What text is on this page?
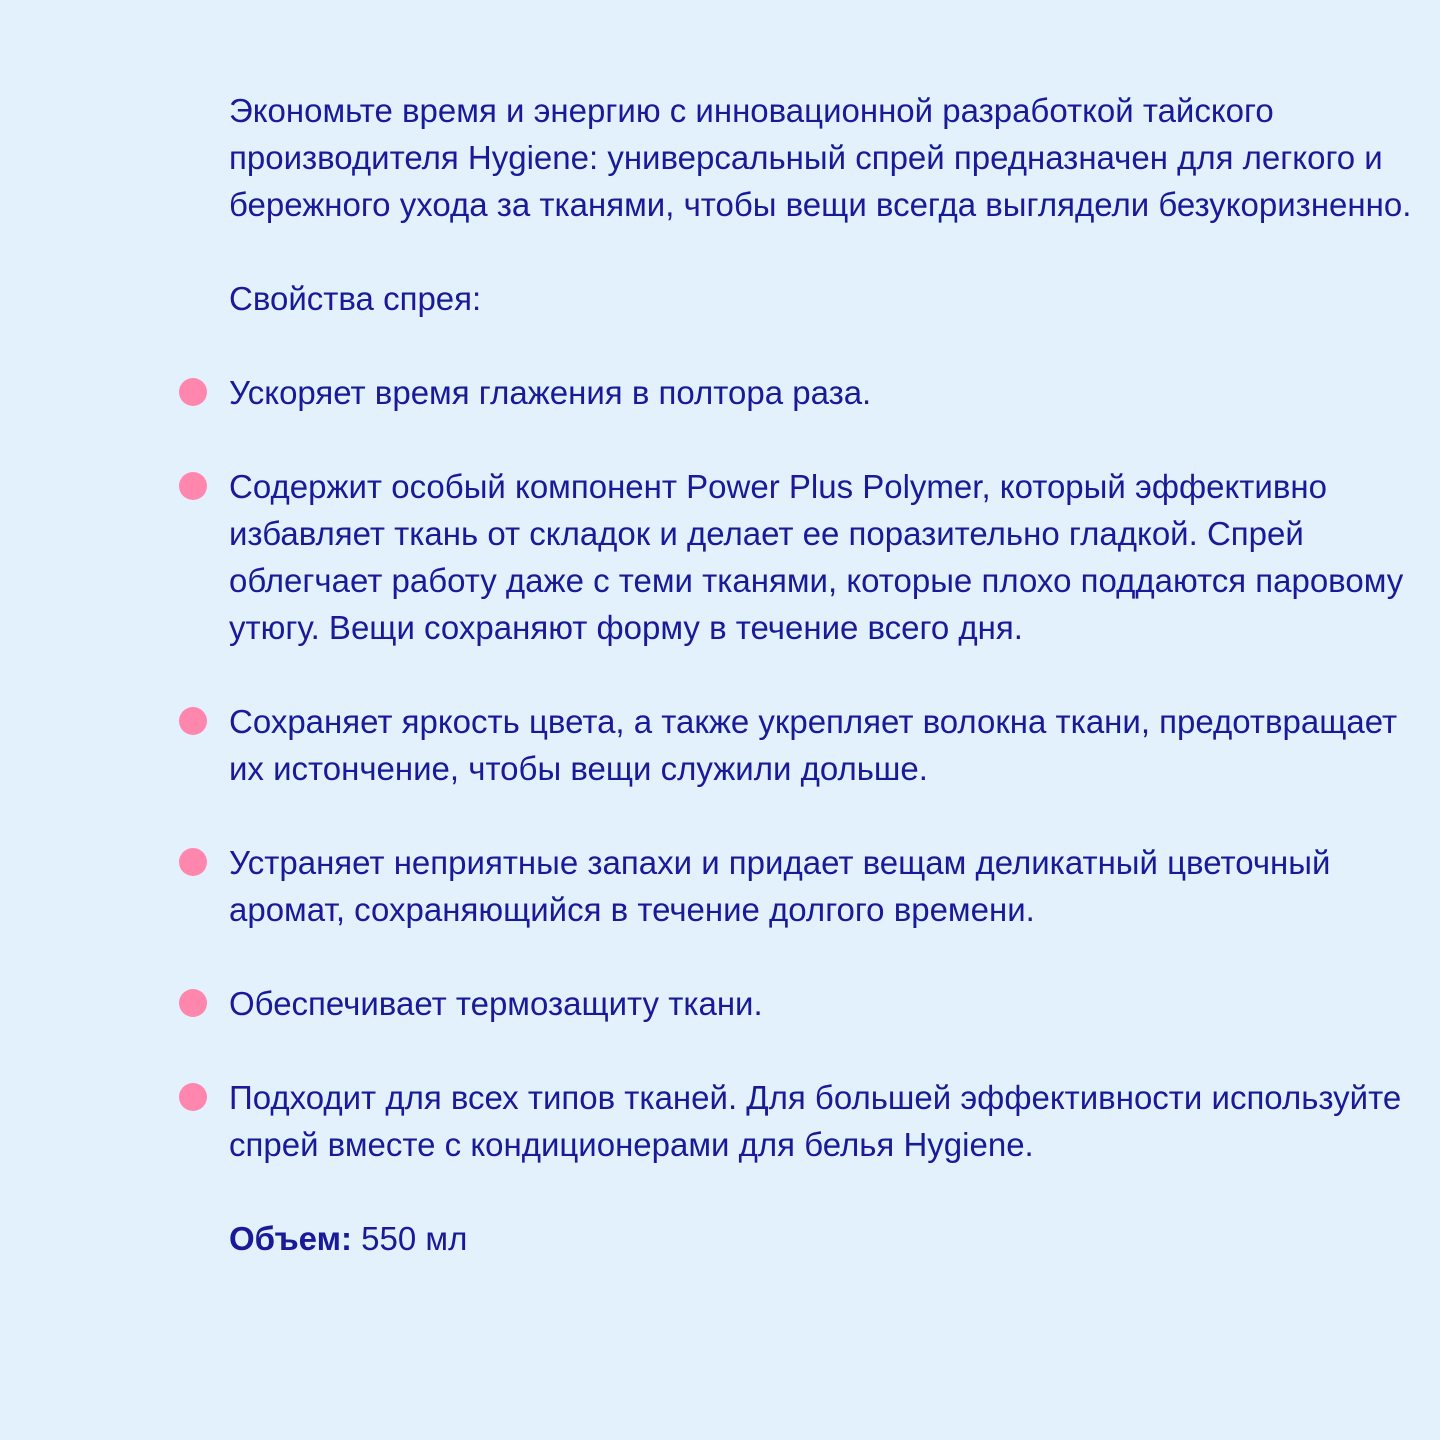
Экономьте время и энергию с инновационной разработкой тайского производителя Hygiene: универсальный спрей предназначен для легкого и бережного ухода за тканями, чтобы вещи всегда выглядели безукоризненно.

Свойства спрея:

Ускоряет время глажения в полтора раза.
Содержит особый компонент Power Plus Polymer, который эффективно избавляет ткань от складок и делает ее поразительно гладкой. Спрей облегчает работу даже с теми тканями, которые плохо поддаются паровому утюгу. Вещи сохраняют форму в течение всего дня.
Сохраняет яркость цвета, а также укрепляет волокна ткани, предотвращает их истончение, чтобы вещи служили дольше.
Устраняет неприятные запахи и придает вещам деликатный цветочный аромат, сохраняющийся в течение долгого времени.
Обеспечивает термозащиту ткани.
Подходит для всех типов тканей. Для большей эффективности используйте спрей вместе с кондиционерами для белья Hygiene.

Объем: 550 мл
